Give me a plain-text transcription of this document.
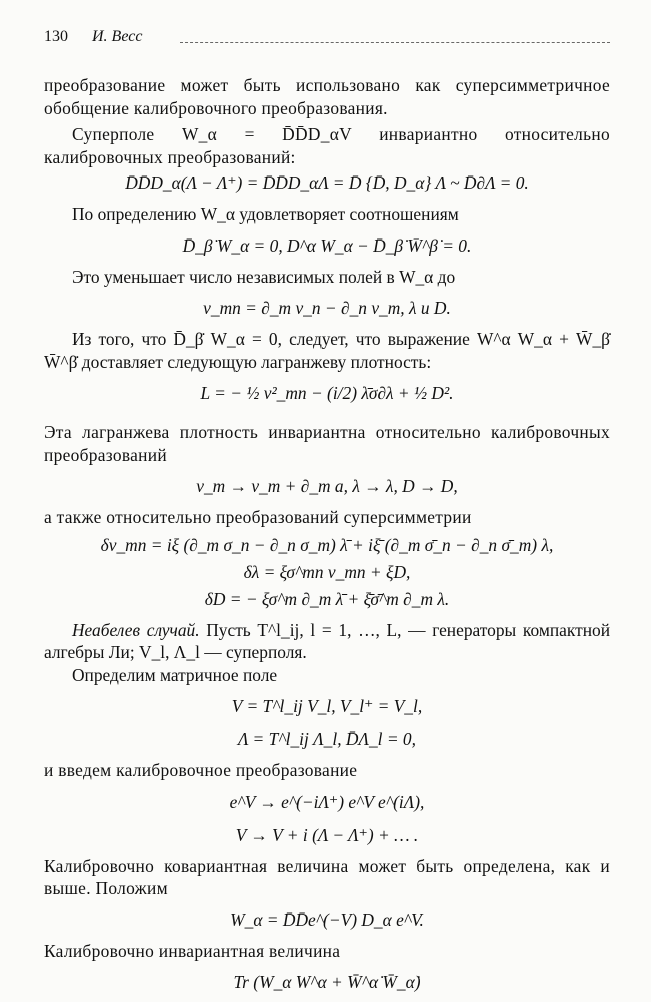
130 И. Весс

преобразование может быть использовано как суперсимметричное обобщение калибровочного преобразования.

Суперполе W_α = D̄D̄D_αV инвариантно относительно калибровочных преобразований:

D̄D̄D_α(Λ − Λ⁺) = D̄D̄D_αΛ = D̄ {D̄, D_α} Λ ~ D̄∂Λ = 0.

По определению W_α удовлетворяет соотношениям

D̄_β̇ W_α = 0, D^α W_α − D̄_β̇ W̄^β̇ = 0.

Это уменьшает число независимых полей в W_α до

v_mn = ∂_m v_n − ∂_n v_m, λ и D.

Из того, что D̄_β̇ W_α = 0, следует, что выражение W^α W_α + W̄_β̇ W̄^β̇ доставляет следующую лагранжеву плотность:

L = − ½ v²_mn − (i/2) λ̄σ∂λ + ½ D².

Эта лагранжева плотность инвариантна относительно калибровочных преобразований

v_m → v_m + ∂_m a, λ → λ, D → D,

а также относительно преобразований суперсимметрии

δv_mn = iξ (∂_m σ_n − ∂_n σ_m) λ̄ + iξ̄ (∂_m σ̄_n − ∂_n σ̄_m) λ,
δλ = ξσ^mn v_mn + ξD,
δD = − ξσ^m ∂_m λ̄ + ξ̄σ̄^m ∂_m λ.

Неабелев случай. Пусть T^l_ij, l = 1, …, L, — генераторы компактной алгебры Ли; V_l, Λ_l — суперполя.

Определим матричное поле

V = T^l_ij V_l, V_l⁺ = V_l,
Λ = T^l_ij Λ_l, D̄Λ_l = 0,

и введем калибровочное преобразование

e^V → e^(−iΛ⁺) e^V e^(iΛ),
V → V + i (Λ − Λ⁺) + … .

Калибровочно ковариантная величина может быть определена, как и выше. Положим

W_α = D̄D̄e^(−V) D_α e^V.

Калибровочно инвариантная величина

Tr (W_α W^α + W̄^α̇ W̄_α̇)
